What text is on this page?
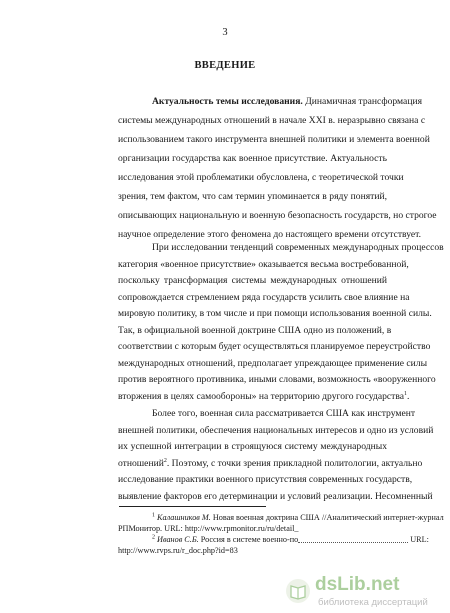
3
ВВЕДЕНИЕ
Актуальность темы исследования. Динамичная трансформация
системы международных отношений в начале XXI в. неразрывно связана с
использованием такого инструмента внешней политики и элемента военной
организации государства как военное присутствие. Актуальность
исследования этой проблематики обусловлена, с теоретической точки
зрения, тем фактом, что сам термин упоминается в ряду понятий,
описывающих национальную и военную безопасность государств, но строгое
научное определение этого феномена до настоящего времени отсутствует.
При исследовании тенденций современных международных процессов
категория «военное присутствие» оказывается весьма востребованной,
поскольку трансформация системы международных отношений
сопровождается стремлением ряда государств усилить свое влияние на
мировую политику, в том числе и при помощи использования военной силы.
Так, в официальной военной доктрине США одно из положений, в
соответствии с которым будет осуществляться планируемое переустройство
международных отношений, предполагает упреждающее применение силы
против вероятного противника, иными словами, возможность «вооруженного
вторжения в целях самообороны» на территорию другого государства$^1$.
Более того, военная сила рассматривается США как инструмент
внешней политики, обеспечения национальных интересов и одно из условий
их успешной интеграции в строящуюся систему международных
отношений$^2$. Поэтому, с точки зрения прикладной политологии, актуально
исследование практики военного присутствия современных государств,
выявление факторов его детерминации и условий реализации. Несомненный
$^1$ Калашников М. Новая военная доктрина США //Аналитический интернет-журнал
РПМонитор. URL: http://www.rpmonitor.ru/ru/detail_
$^2$ Иванов С.Б. Россия в системе военно-по	URL:
http://www.rvps.ru/r_doc.php?id=83
dsLib.net
библиотека диссертаций
